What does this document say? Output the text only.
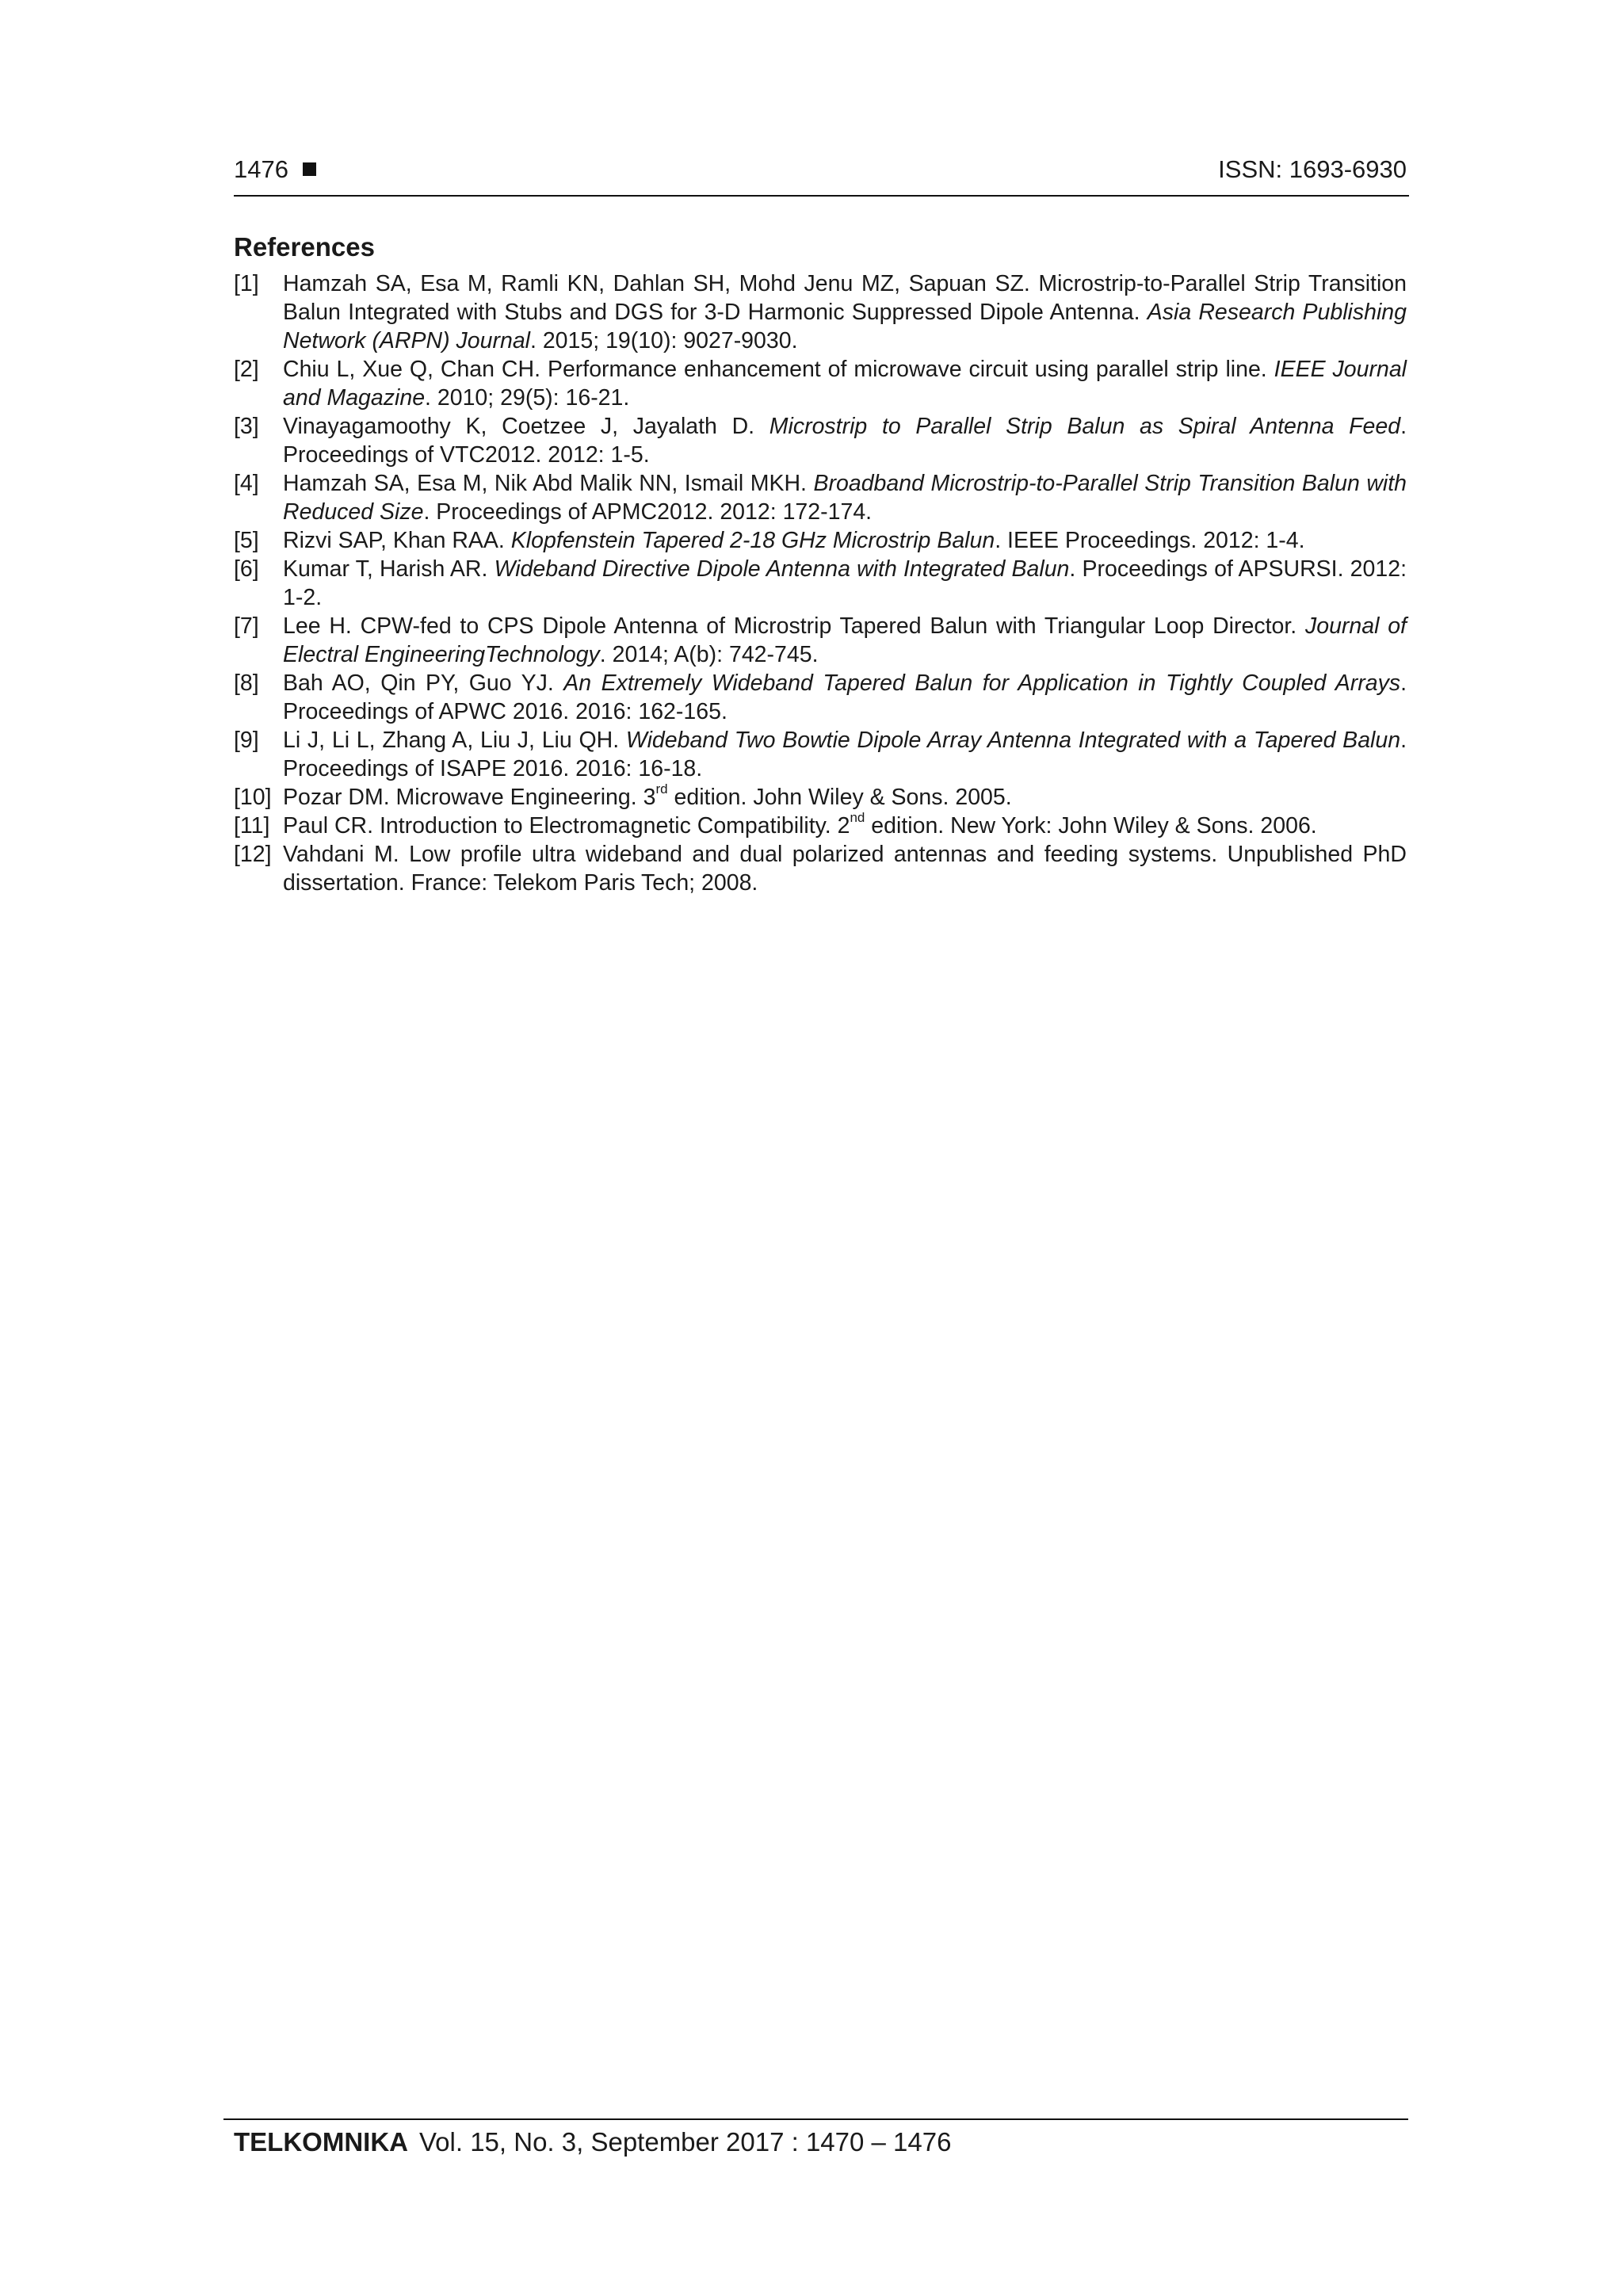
1476	ISSN: 1693-6930
References
[1] Hamzah SA, Esa M, Ramli KN, Dahlan SH, Mohd Jenu MZ, Sapuan SZ. Microstrip-to-Parallel Strip Transition Balun Integrated with Stubs and DGS for 3-D Harmonic Suppressed Dipole Antenna. Asia Research Publishing Network (ARPN) Journal. 2015; 19(10): 9027-9030.
[2] Chiu L, Xue Q, Chan CH. Performance enhancement of microwave circuit using parallel strip line. IEEE Journal and Magazine. 2010; 29(5): 16-21.
[3] Vinayagamoothy K, Coetzee J, Jayalath D. Microstrip to Parallel Strip Balun as Spiral Antenna Feed. Proceedings of VTC2012. 2012: 1-5.
[4] Hamzah SA, Esa M, Nik Abd Malik NN, Ismail MKH. Broadband Microstrip-to-Parallel Strip Transition Balun with Reduced Size. Proceedings of APMC2012. 2012: 172-174.
[5] Rizvi SAP, Khan RAA. Klopfenstein Tapered 2-18 GHz Microstrip Balun. IEEE Proceedings. 2012: 1-4.
[6] Kumar T, Harish AR. Wideband Directive Dipole Antenna with Integrated Balun. Proceedings of APSURSI. 2012: 1-2.
[7] Lee H. CPW-fed to CPS Dipole Antenna of Microstrip Tapered Balun with Triangular Loop Director. Journal of Electral EngineeringTechnology. 2014; A(b): 742-745.
[8] Bah AO, Qin PY, Guo YJ. An Extremely Wideband Tapered Balun for Application in Tightly Coupled Arrays. Proceedings of APWC 2016. 2016: 162-165.
[9] Li J, Li L, Zhang A, Liu J, Liu QH. Wideband Two Bowtie Dipole Array Antenna Integrated with a Tapered Balun. Proceedings of ISAPE 2016. 2016: 16-18.
[10] Pozar DM. Microwave Engineering. 3rd edition. John Wiley & Sons. 2005.
[11] Paul CR. Introduction to Electromagnetic Compatibility. 2nd edition. New York: John Wiley & Sons. 2006.
[12] Vahdani M. Low profile ultra wideband and dual polarized antennas and feeding systems. Unpublished PhD dissertation. France: Telekom Paris Tech; 2008.
TELKOMNIKA Vol. 15, No. 3, September 2017 : 1470 – 1476
